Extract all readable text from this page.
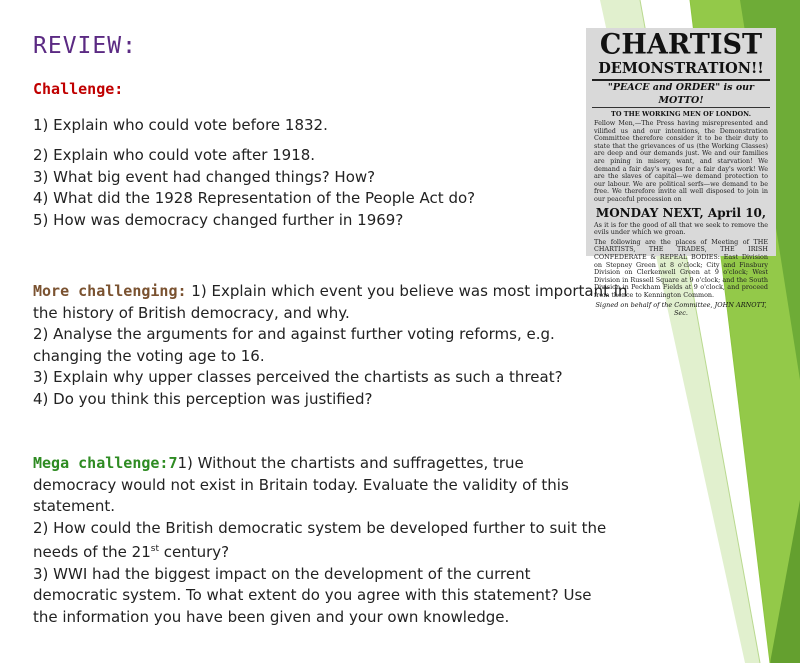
REVIEW:
Challenge:
1) Explain who could vote before 1832.
2) Explain who could vote after 1918.
3) What big event had changed things? How?
4) What did the 1928 Representation of the People Act do?
5) How was democracy changed further in 1969?
More challenging: 1) Explain which event you believe was most important in
the history of British democracy, and why.
2) Analyse the arguments for and against further voting reforms, e.g.
changing the voting age to 16.
3) Explain why upper classes perceived the chartists as such a threat?
4) Do you think this perception was justified?
Mega challenge:71) Without the chartists and suffragettes, true
democracy would not exist in Britain today. Evaluate the validity of this
statement.
2) How could the British democratic system be developed further to suit the
needs of the 21st century?
3) WWI had the biggest impact on the development of the current
democratic system. To what extent do you agree with this statement? Use
the information you have been given and your own knowledge.
CHARTIST
DEMONSTRATION!!
"PEACE and ORDER" is our MOTTO!
TO THE WORKING MEN OF LONDON.
Fellow Men,—The Press having misrepresented and vilified us and our intentions, the Demonstration Committee therefore consider it to be their duty to state that the grievances of us (the Working Classes) are deep and our demands just. We and our families are pining in misery, want, and starvation! We demand a fair day's wages for a fair day's work! We are the slaves of capital—we demand protection to our labour. We are political serfs—we demand to be free. We therefore invite all well disposed to join in our peaceful procession on
MONDAY NEXT, April 10,
As it is for the good of all that we seek to remove the evils under which we groan.
The following are the places of Meeting of THE CHARTISTS, THE TRADES, THE IRISH CONFEDERATE & REPEAL BODIES: East Division on Stepney Green at 8 o'clock; City and Finsbury Division on Clerkenwell Green at 9 o'clock; West Division in Russell Square at 9 o'clock; and the South Division in Peckham Fields at 9 o'clock, and proceed from thence to Kennington Common.
Signed on behalf of the Committee, JOHN ARNOTT, Sec.
